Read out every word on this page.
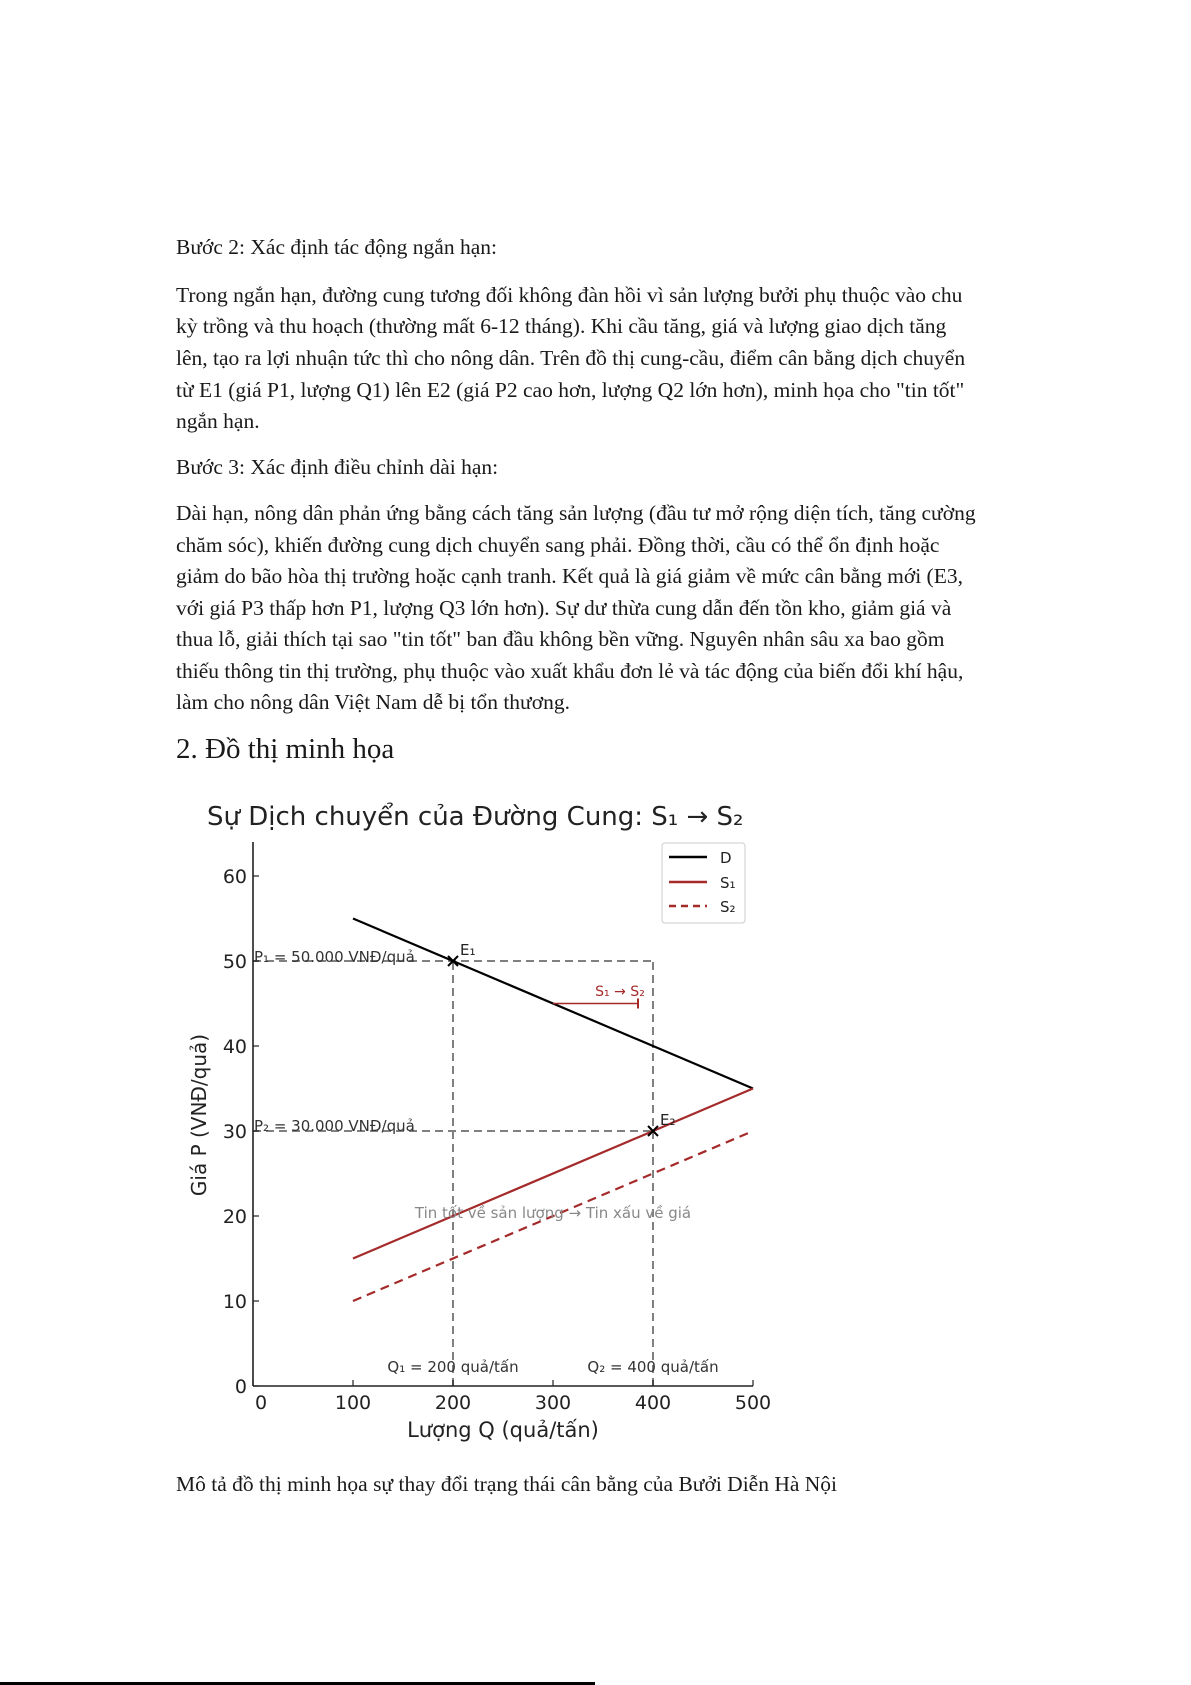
Bước 2: Xác định tác động ngắn hạn:
Trong ngắn hạn, đường cung tương đối không đàn hồi vì sản lượng bưởi phụ thuộc vào chu
kỳ trồng và thu hoạch (thường mất 6-12 tháng). Khi cầu tăng, giá và lượng giao dịch tăng
lên, tạo ra lợi nhuận tức thì cho nông dân. Trên đồ thị cung-cầu, điểm cân bằng dịch chuyển
từ E1 (giá P1, lượng Q1) lên E2 (giá P2 cao hơn, lượng Q2 lớn hơn), minh họa cho "tin tốt"
ngắn hạn.
Bước 3: Xác định điều chỉnh dài hạn:
Dài hạn, nông dân phản ứng bằng cách tăng sản lượng (đầu tư mở rộng diện tích, tăng cường
chăm sóc), khiến đường cung dịch chuyển sang phải. Đồng thời, cầu có thể ổn định hoặc
giảm do bão hòa thị trường hoặc cạnh tranh. Kết quả là giá giảm về mức cân bằng mới (E3,
với giá P3 thấp hơn P1, lượng Q3 lớn hơn). Sự dư thừa cung dẫn đến tồn kho, giảm giá và
thua lỗ, giải thích tại sao "tin tốt" ban đầu không bền vững. Nguyên nhân sâu xa bao gồm
thiếu thông tin thị trường, phụ thuộc vào xuất khẩu đơn lẻ và tác động của biến đổi khí hậu,
làm cho nông dân Việt Nam dễ bị tổn thương.
2. Đồ thị minh họa
Sự Dịch chuyển của Đường Cung: S₁ → S₂
0
10
20
30
40
50
60
0	100	200	300	400	500
Giá P (VNĐ/quả)
Lượng Q (quả/tấn)
P₁ = 50.000 VNĐ/quả
P₂ = 30.000 VNĐ/quả
Q₁ = 200 quả/tấn	Q₂ = 400 quả/tấn
S₁ → S₂
Tin tốt về sản lượng → Tin xấu về giá
E₁
E₂
D
S₁
S₂
Mô tả đồ thị minh họa sự thay đổi trạng thái cân bằng của Bưởi Diễn Hà Nội
